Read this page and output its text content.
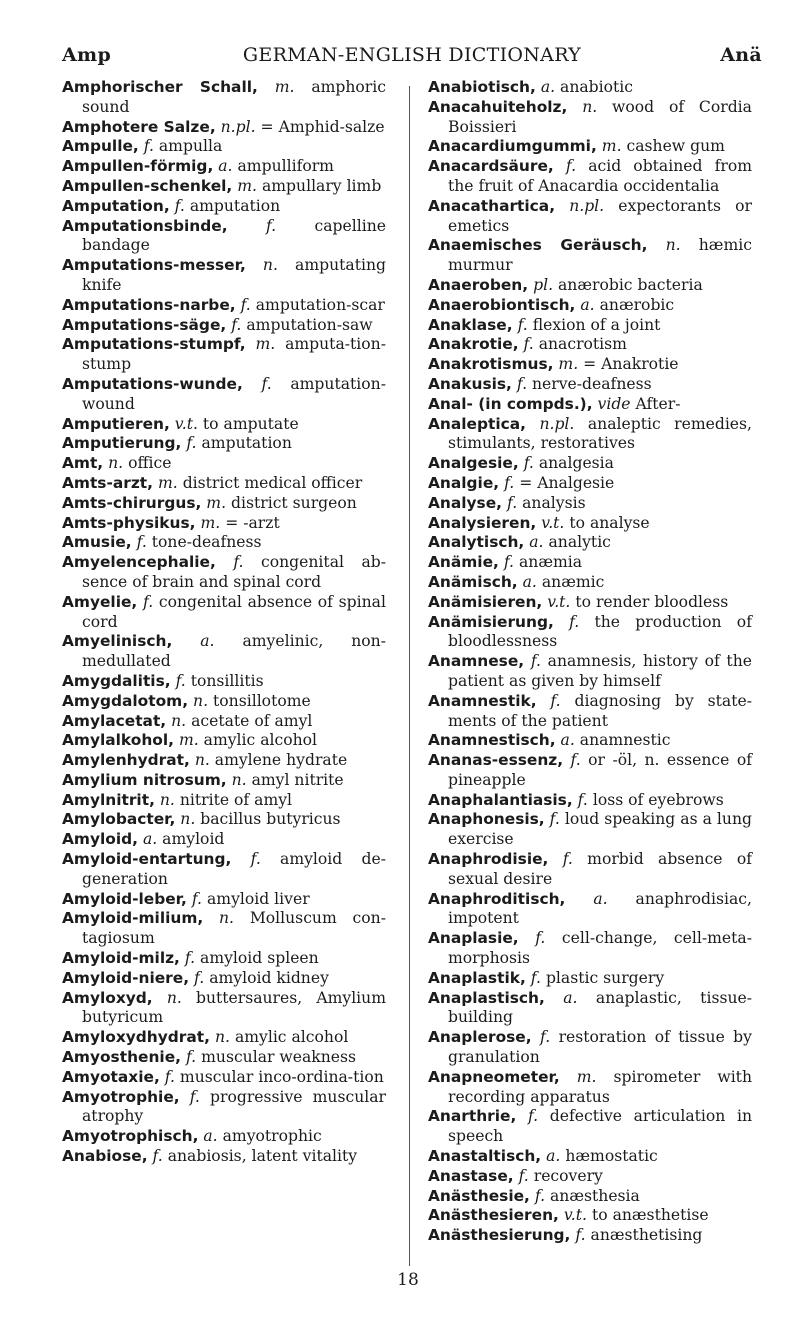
Amp	GERMAN-ENGLISH DICTIONARY	Anä

Amphorischer Schall, m. amphoric sound

Amphotere Salze, n.pl. = Amphid-salze

Ampulle, f. ampulla

Ampullen-förmig, a. ampulliform

Ampullen-schenkel, m. ampullary limb

Amputation, f. amputation

Amputationsbinde, f. capelline bandage

Amputations-messer, n. amputating knife

Amputations-narbe, f. amputation-scar

Amputations-säge, f. amputation-saw

Amputations-stumpf, m. amputa-tion-stump

Amputations-wunde, f. amputation-wound

Amputieren, v.t. to amputate

Amputierung, f. amputation

Amt, n. office

Amts-arzt, m. district medical officer

Amts-chirurgus, m. district surgeon

Amts-physikus, m. = -arzt

Amusie, f. tone-deafness

Amyelencephalie, f. congenital ab-sence of brain and spinal cord

Amyelie, f. congenital absence of spinal cord

Amyelinisch, a. amyelinic, non-medullated

Amygdalitis, f. tonsillitis

Amygdalotom, n. tonsillotome

Amylacetat, n. acetate of amyl

Amylalkohol, m. amylic alcohol

Amylenhydrat, n. amylene hydrate

Amylium nitrosum, n. amyl nitrite

Amylnitrit, n. nitrite of amyl

Amylobacter, n. bacillus butyricus

Amyloid, a. amyloid

Amyloid-entartung, f. amyloid de-generation

Amyloid-leber, f. amyloid liver

Amyloid-milium, n. Molluscum con-tagiosum

Amyloid-milz, f. amyloid spleen

Amyloid-niere, f. amyloid kidney

Amyloxyd, n. buttersaures, Amylium butyricum

Amyloxydhydrat, n. amylic alcohol

Amyosthenie, f. muscular weakness

Amyotaxie, f. muscular inco-ordina-tion

Amyotrophie, f. progressive muscular atrophy

Amyotrophisch, a. amyotrophic

Anabiose, f. anabiosis, latent vitality

Anabiotisch, a. anabiotic

Anacahuiteholz, n. wood of Cordia Boissieri

Anacardiumgummi, m. cashew gum

Anacardsäure, f. acid obtained from the fruit of Anacardia occidentalia

Anacathartica, n.pl. expectorants or emetics

Anaemisches Geräusch, n. hæmic murmur

Anaeroben, pl. anærobic bacteria

Anaerobiontisch, a. anærobic

Anaklase, f. flexion of a joint

Anakrotie, f. anacrotism

Anakrotismus, m. = Anakrotie

Anakusis, f. nerve-deafness

Anal- (in compds.), vide After-

Analeptica, n.pl. analeptic remedies, stimulants, restoratives

Analgesie, f. analgesia

Analgie, f. = Analgesie

Analyse, f. analysis

Analysieren, v.t. to analyse

Analytisch, a. analytic

Anämie, f. anæmia

Anämisch, a. anæmic

Anämisieren, v.t. to render bloodless

Anämisierung, f. the production of bloodlessness

Anamnese, f. anamnesis, history of the patient as given by himself

Anamnestik, f. diagnosing by state-ments of the patient

Anamnestisch, a. anamnestic

Ananas-essenz, f. or -öl, n. essence of pineapple

Anaphalantiasis, f. loss of eyebrows

Anaphonesis, f. loud speaking as a lung exercise

Anaphrodisie, f. morbid absence of sexual desire

Anaphroditisch, a. anaphrodisiac, impotent

Anaplasie, f. cell-change, cell-meta-morphosis

Anaplastik, f. plastic surgery

Anaplastisch, a. anaplastic, tissue-building

Anaplerose, f. restoration of tissue by granulation

Anapneometer, m. spirometer with recording apparatus

Anarthrie, f. defective articulation in speech

Anastaltisch, a. hæmostatic

Anastase, f. recovery

Anästhesie, f. anæsthesia

Anästhesieren, v.t. to anæsthetise

Anästhesierung, f. anæsthetising

18
